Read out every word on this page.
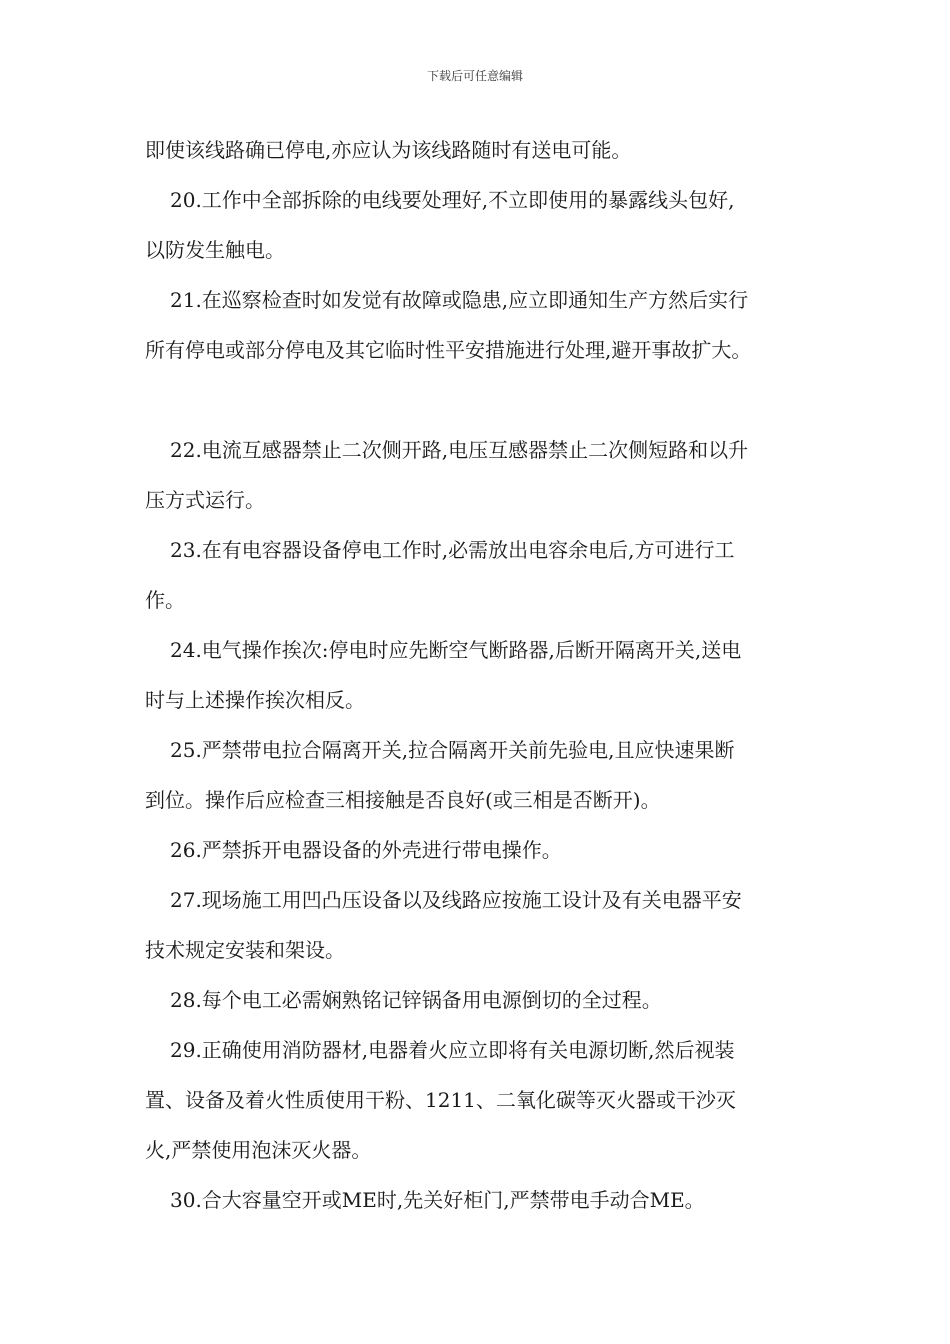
下载后可任意编辑
即使该线路确已停电,亦应认为该线路随时有送电可能。
20.工作中全部拆除的电线要处理好,不立即使用的暴露线头包好,
以防发生触电。
21.在巡察检查时如发觉有故障或隐患,应立即通知生产方然后实行
所有停电或部分停电及其它临时性平安措施进行处理,避开事故扩大。
22.电流互感器禁止二次侧开路,电压互感器禁止二次侧短路和以升
压方式运行。
23.在有电容器设备停电工作时,必需放出电容余电后,方可进行工
作。
24.电气操作挨次:停电时应先断空气断路器,后断开隔离开关,送电
时与上述操作挨次相反。
25.严禁带电拉合隔离开关,拉合隔离开关前先验电,且应快速果断
到位。操作后应检查三相接触是否良好(或三相是否断开)。
26.严禁拆开电器设备的外壳进行带电操作。
27.现场施工用凹凸压设备以及线路应按施工设计及有关电器平安
技术规定安装和架设。
28.每个电工必需娴熟铭记锌锅备用电源倒切的全过程。
29.正确使用消防器材,电器着火应立即将有关电源切断,然后视装
置、设备及着火性质使用干粉、1211、二氧化碳等灭火器或干沙灭
火,严禁使用泡沫灭火器。
30.合大容量空开或ME时,先关好柜门,严禁带电手动合ME。
